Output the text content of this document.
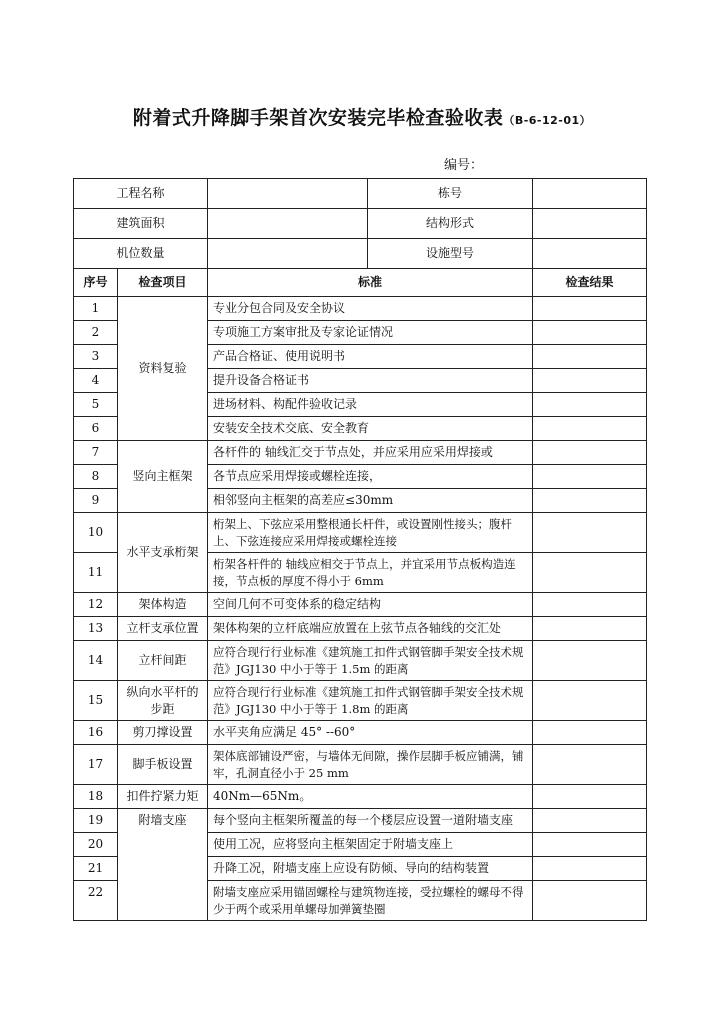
附着式升降脚手架首次安装完毕检查验收表（B-6-12-01）
编号：
工程名称			栋号	
建筑面积			结构形式	
机位数量			设施型号	
序号	检查项目	标准		检查结果
1	资料复验	专业分包合同及安全协议		
2		专项施工方案审批及专家论证情况		
3		产品合格证、使用说明书		
4		提升设备合格证书		
5		进场材料、构配件验收记录		
6		安装安全技术交底、安全教育		
7	竖向主框架	各杆件的 轴线汇交于节点处，并应采用应采用焊接或		
8		各节点应采用焊接或螺栓连接，		
9		相邻竖向主框架的高差应≤30mm		
10	水平支承桁架	桁架上、下弦应采用整根通长杆件，或设置刚性接头；腹杆上、下弦连接应采用焊接或螺栓连接		
11		桁架各杆件的 轴线应相交于节点上，并宜采用节点板构造连接，节点板的厚度不得小于 6mm		
12	架体构造	空间几何不可变体系的稳定结构		
13	立杆支承位置	架体构架的立杆底端应放置在上弦节点各轴线的交汇处		
14	立杆间距	应符合现行行业标准《建筑施工扣件式钢管脚手架安全技术规范》JGJ130 中小于等于 1.5m 的距离		
15	纵向水平杆的步距	应符合现行行业标准《建筑施工扣件式钢管脚手架安全技术规范》JGJ130 中小于等于 1.8m 的距离		
16	剪刀撑设置	水平夹角应满足 45° --60°		
17	脚手板设置	架体底部铺设严密，与墙体无间隙，操作层脚手板应铺满，铺牢，孔洞直径小于 25 mm		
18	扣件拧紧力矩	40Nm—65Nm。		
19	附墙支座	每个竖向主框架所覆盖的每一个楼层应设置一道附墙支座		
20		使用工况，应将竖向主框架固定于附墙支座上		
21		升降工况，附墙支座上应设有防倾、导向的结构装置		
22		附墙支座应采用锚固螺栓与建筑物连接，受拉螺栓的螺母不得少于两个或采用单螺母加弹簧垫圈		
